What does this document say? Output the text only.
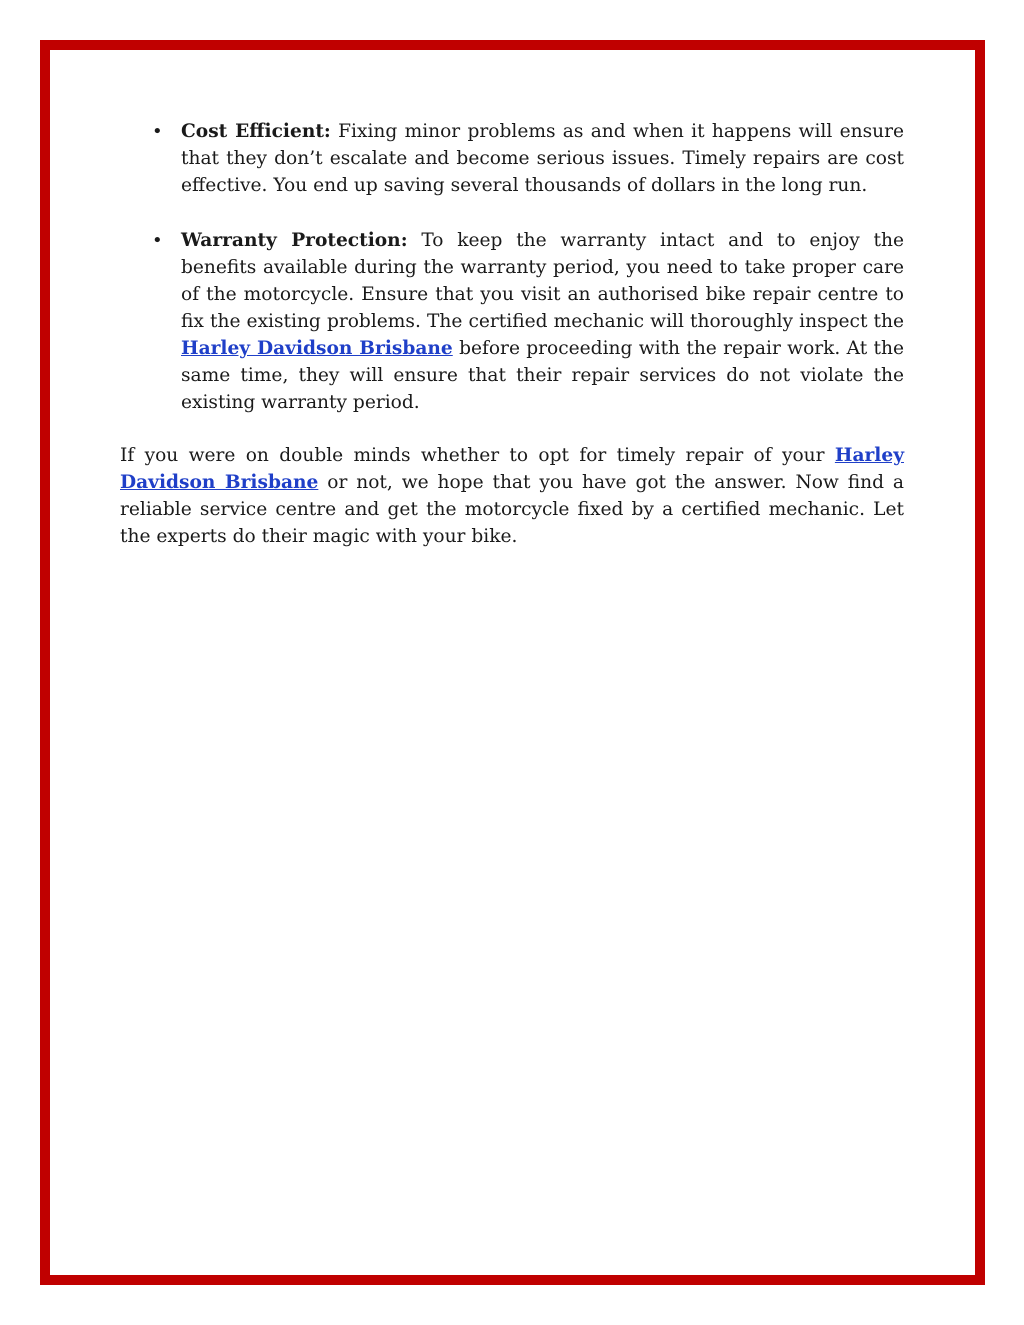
• Cost Efficient: Fixing minor problems as and when it happens will ensure that they don’t escalate and become serious issues. Timely repairs are cost effective. You end up saving several thousands of dollars in the long run.
• Warranty Protection: To keep the warranty intact and to enjoy the benefits available during the warranty period, you need to take proper care of the motorcycle. Ensure that you visit an authorised bike repair centre to fix the existing problems. The certified mechanic will thoroughly inspect the Harley Davidson Brisbane before proceeding with the repair work. At the same time, they will ensure that their repair services do not violate the existing warranty period.

If you were on double minds whether to opt for timely repair of your Harley Davidson Brisbane or not, we hope that you have got the answer. Now find a reliable service centre and get the motorcycle fixed by a certified mechanic. Let the experts do their magic with your bike.
